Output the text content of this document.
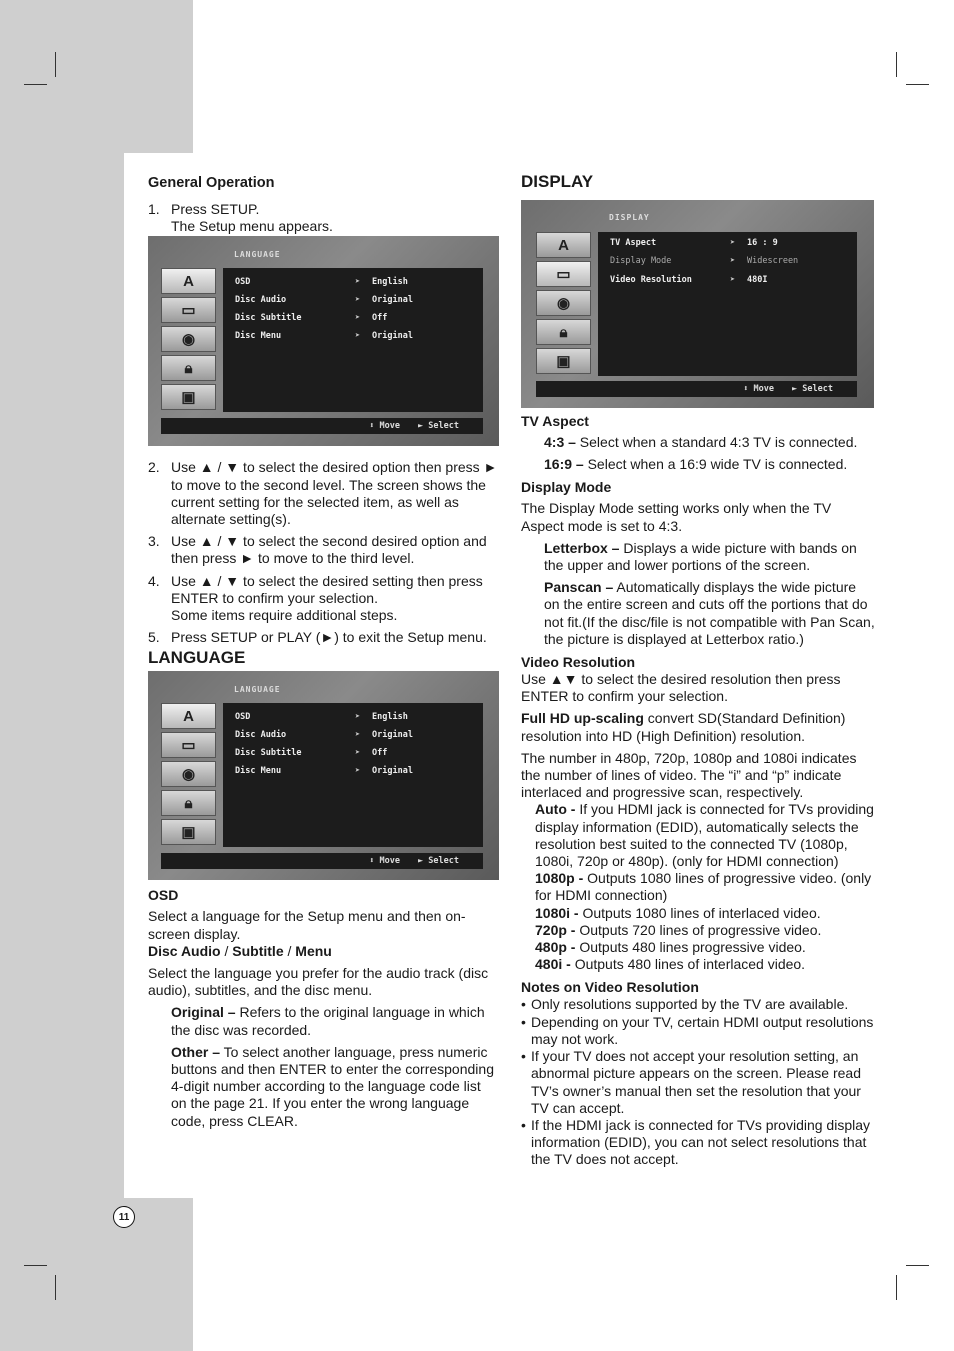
General Operation
1. Press SETUP.
The Setup menu appears.
LANGUAGE
A
▭
◉
🔒︎
▣
OSD	➤	English
Disc Audio	➤	Original
Disc Subtitle	➤	Off
Disc Menu	➤	Original
⬍ Move ► Select
2. Use ▲ / ▼ to select the desired option then press ► to move to the second level. The screen shows the current setting for the selected item, as well as alternate setting(s).
3. Use ▲ / ▼ to select the second desired option and then press ► to move to the third level.
4. Use ▲ / ▼ to select the desired setting then press ENTER to confirm your selection.
Some items require additional steps.
5. Press SETUP or PLAY (►) to exit the Setup menu.
LANGUAGE
LANGUAGE
A
▭
◉
🔒︎
▣
OSD	➤	English
Disc Audio	➤	Original
Disc Subtitle	➤	Off
Disc Menu	➤	Original
⬍ Move ► Select
OSD
Select a language for the Setup menu and then on-screen display.
Disc Audio / Subtitle / Menu
Select the language you prefer for the audio track (disc audio), subtitles, and the disc menu.
Original – Refers to the original language in which the disc was recorded.
Other – To select another language, press numeric buttons and then ENTER to enter the corresponding 4-digit number according to the language code list on the page 21. If you enter the wrong language code, press CLEAR.
DISPLAY
DISPLAY
A
▭
◉
🔒︎
▣
TV Aspect	➤	16 : 9
Display Mode	➤	Widescreen
Video Resolution	➤	480I
⬍ Move ► Select
TV Aspect
4:3 – Select when a standard 4:3 TV is connected.
16:9 – Select when a 16:9 wide TV is connected.
Display Mode
The Display Mode setting works only when the TV Aspect mode is set to 4:3.
Letterbox – Displays a wide picture with bands on the upper and lower portions of the screen.
Panscan – Automatically displays the wide picture on the entire screen and cuts off the portions that do not fit.(If the disc/file is not compatible with Pan Scan, the picture is displayed at Letterbox ratio.)
Video Resolution
Use ▲▼ to select the desired resolution then press ENTER to confirm your selection.
Full HD up-scaling convert SD(Standard Definition) resolution into HD (High Definition) resolution.
The number in 480p, 720p, 1080p and 1080i indicates the number of lines of video. The “i” and “p” indicate interlaced and progressive scan, respectively.
Auto - If you HDMI jack is connected for TVs providing display information (EDID), automatically selects the resolution best suited to the connected TV (1080p, 1080i, 720p or 480p). (only for HDMI connection)
1080p - Outputs 1080 lines of progressive video. (only for HDMI connection)
1080i - Outputs 1080 lines of interlaced video.
720p - Outputs 720 lines of progressive video.
480p - Outputs 480 lines progressive video.
480i - Outputs 480 lines of interlaced video.
Notes on Video Resolution
• Only resolutions supported by the TV are available.
• Depending on your TV, certain HDMI output resolutions may not work.
• If your TV does not accept your resolution setting, an abnormal picture appears on the screen. Please read TV’s owner’s manual then set the resolution that your TV can accept.
• If the HDMI jack is connected for TVs providing display information (EDID), you can not select resolutions that the TV does not accept.
11
